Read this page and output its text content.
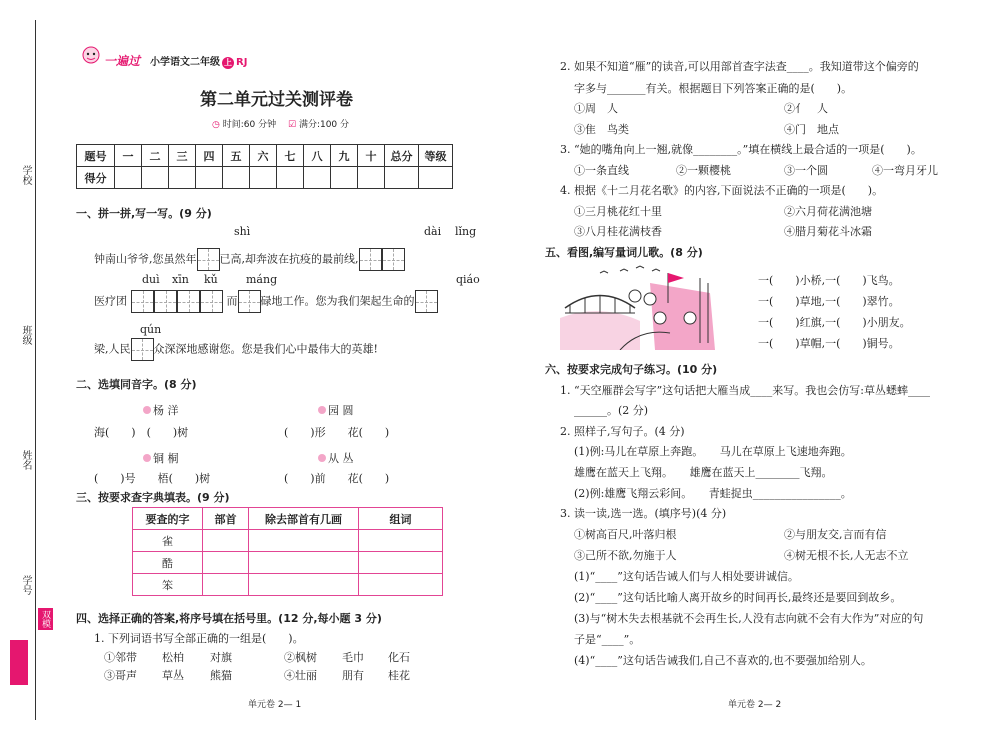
学校
班级
姓名
学号
双模
一遍过 小学语文二年级 上 RJ
第二单元过关测评卷
◷ 时间:60 分钟 ☑ 满分:100 分
题号	一	二	三	四	五	六	七	八	九	十	总分	等级
得分												
一、拼一拼,写一写。(9 分)
shì	dài lǐng
钟南山爷爷,您虽然年 已高,却奔波在抗疫的最前线,
duì xīn kǔ	máng	qiáo
医疗团	而 碌地工作。您为我们架起生命的
qún
梁,人民 众深深地感谢您。您是我们心中最伟大的英雄!
二、选填同音字。(8 分)
杨 洋	园 圆
海(　　)　(　　)树	(　　)形　　花(　　)
铜 桐	从 丛
(　　)号　　梧(　　)树	(　　)前　　花(　　)
三、按要求查字典填表。(9 分)
要查的字	部首	除去部首有几画	组词
雀			
酷			
笨			
四、选择正确的答案,将序号填在括号里。(12 分,每小题 3 分)
1. 下列词语书写全部正确的一组是(　　)。
①邻带 松柏 对旗	②枫树 毛巾 化石
③哥声 草丛 熊猫	④壮丽 朋有 桂花
单元卷 2— 1
2. 如果不知道“雁”的读音,可以用部首查字法查____。我知道带这个偏旁的
字多与_______有关。根据题目下列答案正确的是(　　)。
①周　人	②亻　人
③隹　鸟类	④门　地点
3. “她的嘴角向上一翘,就像________。”填在横线上最合适的一项是(　　)。
①一条直线	②一颗樱桃	③一个圆	④一弯月牙儿
4. 根据《十二月花名歌》的内容,下面说法不正确的一项是(　　)。
①三月桃花红十里	②六月荷花满池塘
③八月桂花满枝香	④腊月菊花斗冰霜
五、看图,编写量词儿歌。(8 分)
一(　　)小桥,一(　　)飞鸟。
一(　　)草地,一(　　)翠竹。
一(　　)红旗,一(　　)小朋友。
一(　　)草帽,一(　　)铜号。
六、按要求完成句子练习。(10 分)
1. “天空雁群会写字”这句话把大雁当成____来写。我也会仿写:草丛蟋蟀____
______。(2 分)
2. 照样子,写句子。(4 分)
(1)例:马儿在草原上奔跑。　　马儿在草原上飞速地奔跑。
雄鹰在蓝天上飞翔。　　雄鹰在蓝天上________飞翔。
(2)例:雄鹰飞翔云彩间。　　青蛙捉虫________________。
3. 读一读,选一选。(填序号)(4 分)
①树高百尺,叶落归根	②与朋友交,言而有信
③己所不欲,勿施于人	④树无根不长,人无志不立
(1)“____”这句话告诫人们与人相处要讲诚信。
(2)“____”这句话比喻人离开故乡的时间再长,最终还是要回到故乡。
(3)与“树木失去根基就不会再生长,人没有志向就不会有大作为”对应的句
子是“____”。
(4)“____”这句话告诫我们,自己不喜欢的,也不要强加给别人。
单元卷 2— 2
